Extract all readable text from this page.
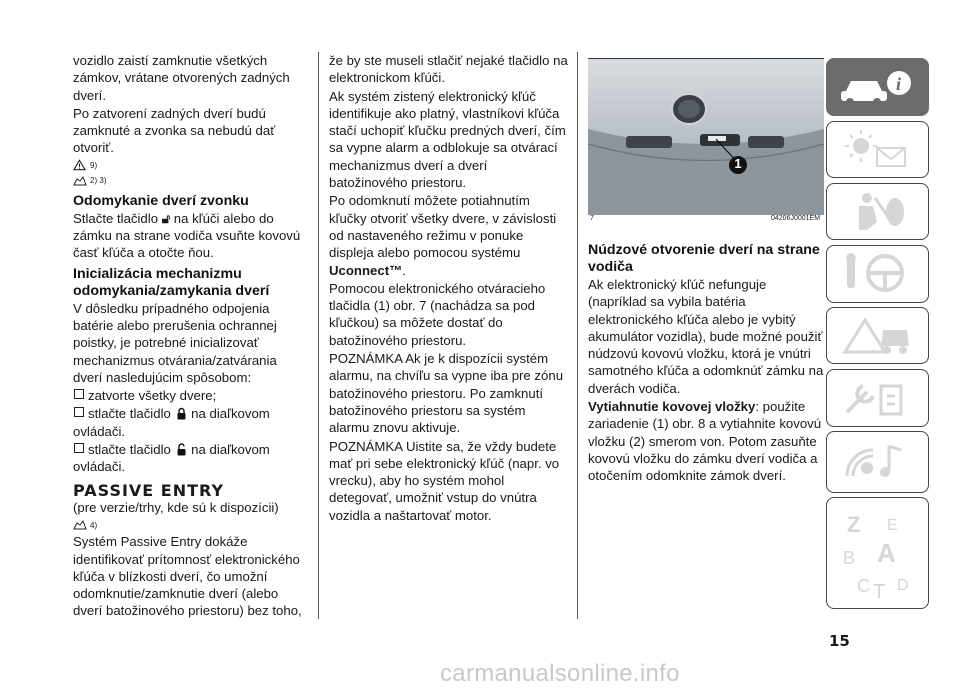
vozidlo zaistí zamknutie všetkých zámkov, vrátane otvorených zadných dverí.

Po zatvorení zadných dverí budú zamknuté a zvonka sa nebudú dať otvoriť.

9)
2) 3)
Odomykanie dverí zvonku

Stlačte tlačidlo 🔓︎ na kľúči alebo do zámku na strane vodiča vsuňte kovovú časť kľúča a otočte ňou.

Inicializácia mechanizmu odomykania/zamykania dverí

V dôsledku prípadného odpojenia batérie alebo prerušenia ochrannej poistky, je potrebné inicializovať mechanizmus otvárania/zatvárania dverí nasledujúcim spôsobom:

zatvorte všetky dvere;

stlačte tlačidlo  na diaľkovom ovládači.

stlačte tlačidlo  na diaľkovom ovládači.

PASSIVE ENTRY

(pre verzie/trhy, kde sú k dispozícii)

4)

Systém Passive Entry dokáže identifikovať prítomnosť elektronického kľúča v blízkosti dverí, čo umožní odomknutie/zamknutie dverí (alebo dverí batožinového priestoru) bez toho,

že by ste museli stlačiť nejaké tlačidlo na elektronickom kľúči.

Ak systém zistený elektronický kľúč identifikuje ako platný, vlastníkovi kľúča stačí uchopiť kľučku predných dverí, čím sa vypne alarm a odblokuje sa otvárací mechanizmus dverí a dverí batožinového priestoru.

Po odomknutí môžete potiahnutím kľučky otvoriť všetky dvere, v závislosti od nastaveného režimu v ponuke displeja alebo pomocou systému Uconnect™.

Pomocou elektronického otváracieho tlačidla (1) obr. 7 (nachádza sa pod kľučkou) sa môžete dostať do batožinového priestoru.

POZNÁMKA Ak je k dispozícii systém alarmu, na chvíľu sa vypne iba pre zónu batožinového priestoru. Po zamknutí batožinového priestoru sa systém alarmu znovu aktivuje.

POZNÁMKA Uistite sa, že vždy budete mať pri sebe elektronický kľúč (napr. vo vrecku), aby ho systém mohol detegovať, umožniť vstup do vnútra vozidla a naštartovať motor.

1
7	04206J0001EM
Núdzové otvorenie dverí na strane vodiča

Ak elektronický kľúč nefunguje (napríklad sa vybila batéria elektronického kľúča alebo je vybitý akumulátor vozidla), bude možné použiť núdzovú kovovú vložku, ktorá je vnútri samotného kľúča a odomknúť zámku na dverách vodiča.

Vytiahnutie kovovej vložky: použite zariadenie (1) obr. 8 a vytiahnite kovovú vložku (2) smerom von. Potom zasuňte kovovú vložku do zámku dverí vodiča a otočením odomknite zámok dverí.

i
Z E
B A
C T D
15
carmanualsonline.info
